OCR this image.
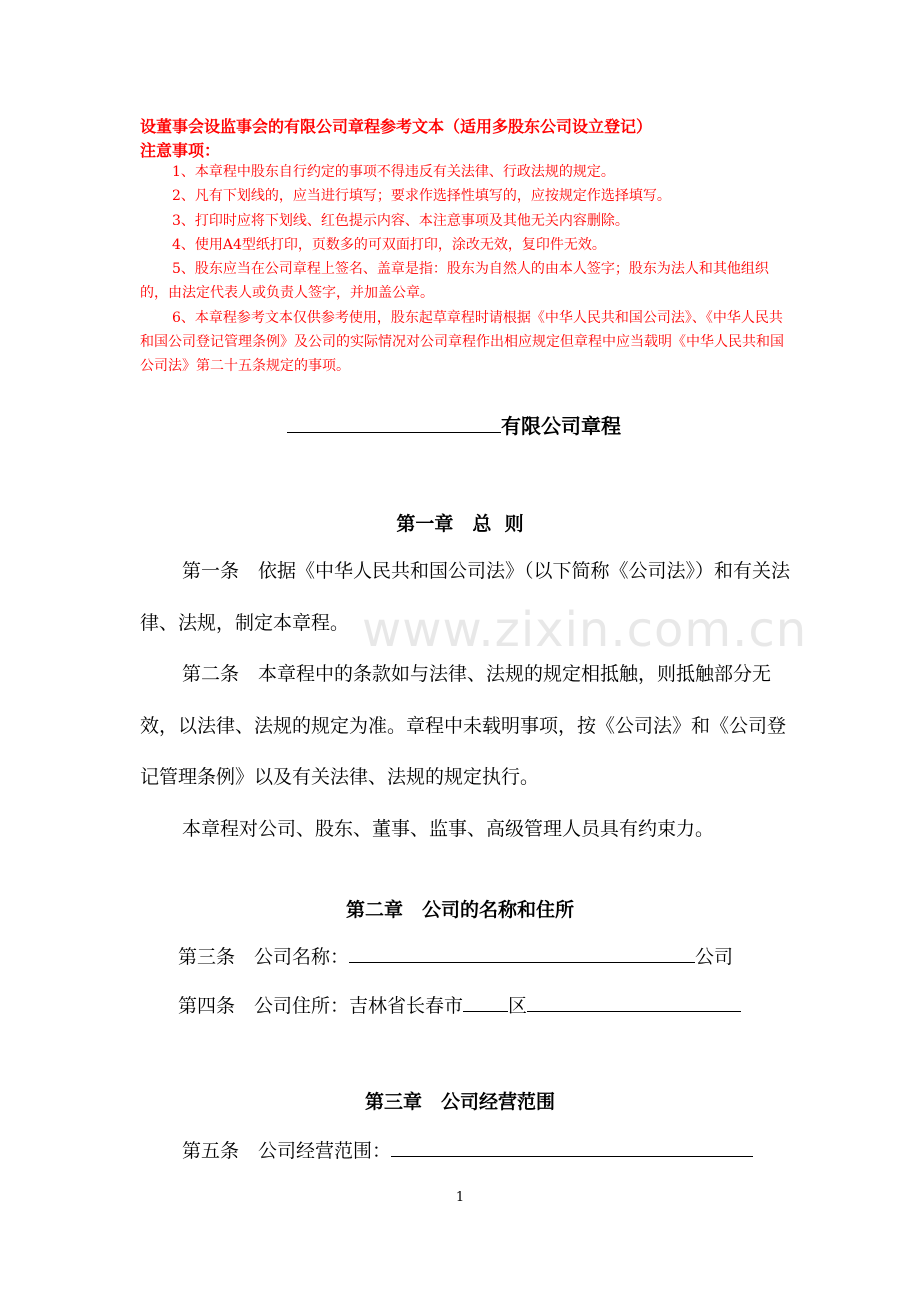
设董事会设监事会的有限公司章程参考文本（适用多股东公司设立登记）
注意事项：

1、本章程中股东自行约定的事项不得违反有关法律、行政法规的规定。

2、凡有下划线的，应当进行填写；要求作选择性填写的，应按规定作选择填写。

3、打印时应将下划线、红色提示内容、本注意事项及其他无关内容删除。

4、使用A4型纸打印，页数多的可双面打印，涂改无效，复印件无效。

5、股东应当在公司章程上签名、盖章是指：股东为自然人的由本人签字；股东为法人和其他组织的，由法定代表人或负责人签字，并加盖公章。

6、本章程参考文本仅供参考使用，股东起草章程时请根据《中华人民共和国公司法》、《中华人民共和国公司登记管理条例》及公司的实际情况对公司章程作出相应规定但章程中应当载明《中华人民共和国公司法》第二十五条规定的事项。

有限公司章程
第一章　总  则

第一条　依据《中华人民共和国公司法》（以下简称《公司法》）和有关法律、法规，制定本章程。

第二条　本章程中的条款如与法律、法规的规定相抵触，则抵触部分无效，以法律、法规的规定为准。章程中未载明事项，按《公司法》和《公司登记管理条例》以及有关法律、法规的规定执行。

本章程对公司、股东、董事、监事、高级管理人员具有约束力。

www.zixin.com.cn
第二章　公司的名称和住所
第三条　公司名称：	公司
第四条　公司住所：吉林省长春市 区
第三章　公司经营范围
第五条　公司经营范围：
1
